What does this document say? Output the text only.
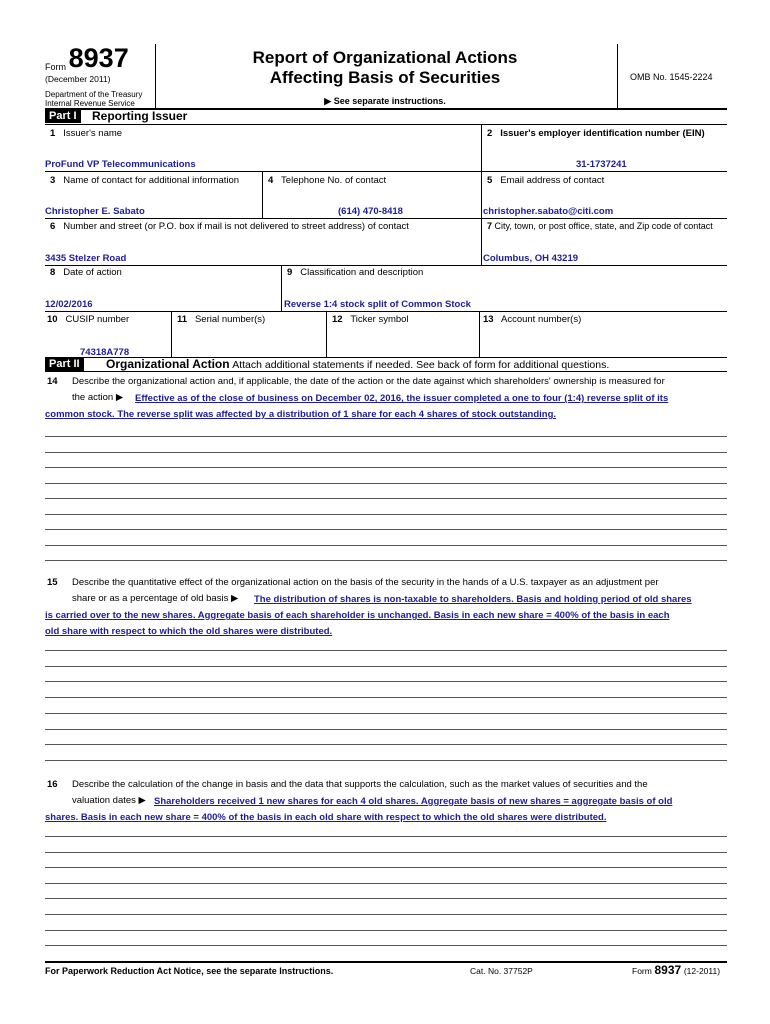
Form 8937
(December 2011)
Department of the Treasury
Internal Revenue Service
Report of Organizational Actions
Affecting Basis of Securities
▶ See separate instructions.
OMB No. 1545-2224
Part I	Reporting Issuer
1 Issuer's name
ProFund VP Telecommunications
2 Issuer's employer identification number (EIN)
31-1737241
3 Name of contact for additional information
Christopher E. Sabato
4 Telephone No. of contact
(614) 470-8418
5 Email address of contact
christopher.sabato@citi.com
6 Number and street (or P.O. box if mail is not delivered to street address) of contact
3435 Stelzer Road
7 City, town, or post office, state, and Zip code of contact
Columbus, OH 43219
8 Date of action
12/02/2016
9 Classification and description
Reverse 1:4 stock split of Common Stock
10 CUSIP number
74318A778
11 Serial number(s)	12 Ticker symbol	13 Account number(s)
Part II	Organizational Action Attach additional statements if needed. See back of form for additional questions.
14 Describe the organizational action and, if applicable, the date of the action or the date against which shareholders' ownership is measured for
the action ▶ Effective as of the close of business on December 02, 2016, the issuer completed a one to four (1:4) reverse split of its
common stock. The reverse split was affected by a distribution of 1 share for each 4 shares of stock outstanding.
15 Describe the quantitative effect of the organizational action on the basis of the security in the hands of a U.S. taxpayer as an adjustment per
share or as a percentage of old basis ▶ The distribution of shares is non-taxable to shareholders. Basis and holding period of old shares
is carried over to the new shares. Aggregate basis of each shareholder is unchanged. Basis in each new share = 400% of the basis in each
old share with respect to which the old shares were distributed.
16 Describe the calculation of the change in basis and the data that supports the calculation, such as the market values of securities and the
valuation dates ▶ Shareholders received 1 new shares for each 4 old shares. Aggregate basis of new shares = aggregate basis of old
shares. Basis in each new share = 400% of the basis in each old share with respect to which the old shares were distributed.
For Paperwork Reduction Act Notice, see the separate Instructions.	Cat. No. 37752P	Form 8937 (12-2011)
